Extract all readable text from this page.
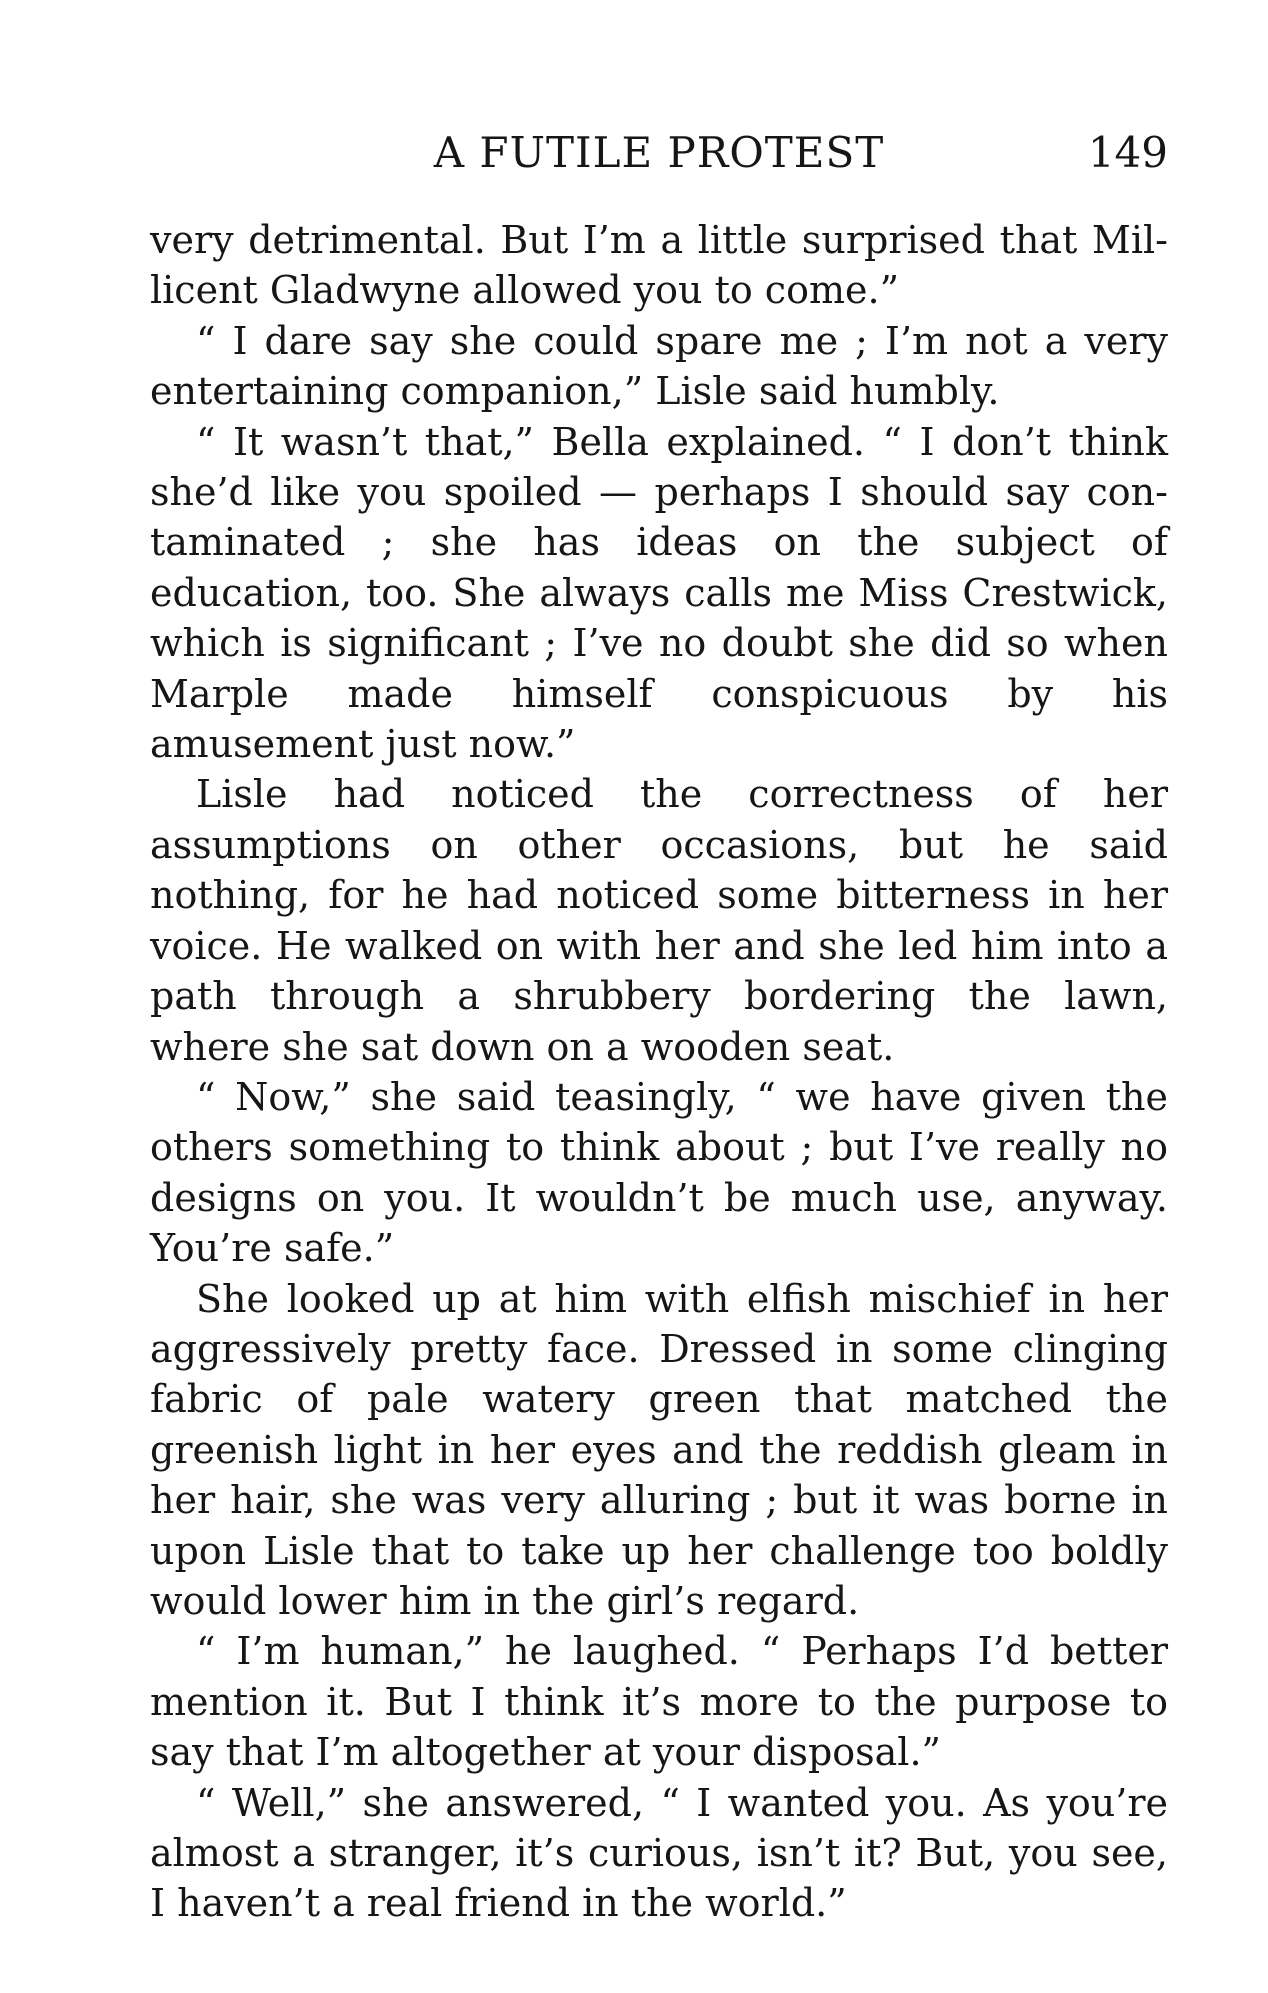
A FUTILE PROTEST	149

very detrimental. But I’m a little surprised that Millicent Gladwyne allowed you to come.”

“ I dare say she could spare me ; I’m not a very entertaining companion,” Lisle said humbly.

“ It wasn’t that,” Bella explained. “ I don’t think she’d like you spoiled — perhaps I should say contaminated ; she has ideas on the subject of education, too. She always calls me Miss Crestwick, which is significant ; I’ve no doubt she did so when Marple made himself conspicuous by his amusement just now.”

Lisle had noticed the correctness of her assumptions on other occasions, but he said nothing, for he had noticed some bitterness in her voice. He walked on with her and she led him into a path through a shrubbery bordering the lawn, where she sat down on a wooden seat.

“ Now,” she said teasingly, “ we have given the others something to think about ; but I’ve really no designs on you. It wouldn’t be much use, anyway. You’re safe.”

She looked up at him with elfish mischief in her aggressively pretty face. Dressed in some clinging fabric of pale watery green that matched the greenish light in her eyes and the reddish gleam in her hair, she was very alluring ; but it was borne in upon Lisle that to take up her challenge too boldly would lower him in the girl’s regard.

“ I’m human,” he laughed. “ Perhaps I’d better mention it. But I think it’s more to the purpose to say that I’m altogether at your disposal.”

“ Well,” she answered, “ I wanted you. As you’re almost a stranger, it’s curious, isn’t it? But, you see, I haven’t a real friend in the world.”
